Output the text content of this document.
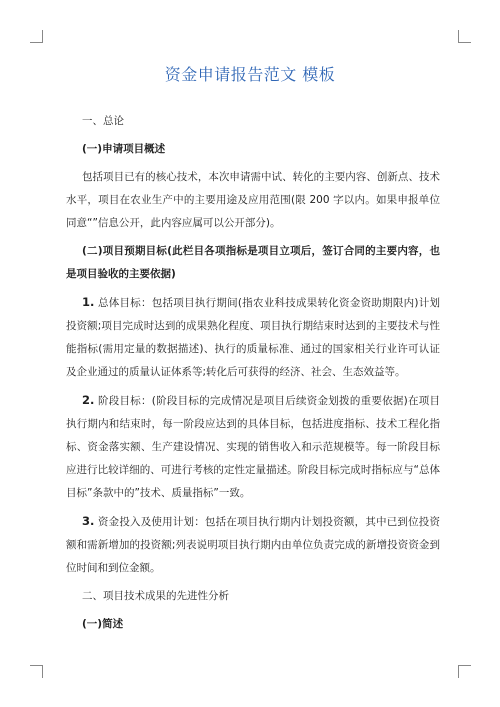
资金申请报告范文 模板

一、总论

(一)申请项目概述

包括项目已有的核心技术，本次申请需中试、转化的主要内容、创新点、技术水平，项目在农业生产中的主要用途及应用范围(限 200 字以内。如果申报单位同意“”信息公开，此内容应属可以公开部分)。

(二)项目预期目标(此栏目各项指标是项目立项后，签订合同的主要内容，也是项目验收的主要依据)

1. 总体目标：包括项目执行期间(指农业科技成果转化资金资助期限内)计划投资额;项目完成时达到的成果熟化程度、项目执行期结束时达到的主要技术与性能指标(需用定量的数据描述)、执行的质量标准、通过的国家相关行业许可认证及企业通过的质量认证体系等;转化后可获得的经济、社会、生态效益等。

2. 阶段目标：(阶段目标的完成情况是项目后续资金划拨的重要依据)在项目执行期内和结束时，每一阶段应达到的具体目标，包括进度指标、技术工程化指标、资金落实额、生产建设情况、实现的销售收入和示范规模等。每一阶段目标应进行比较详细的、可进行考核的定性定量描述。阶段目标完成时指标应与“总体目标”条款中的”技术、质量指标”一致。

3. 资金投入及使用计划：包括在项目执行期内计划投资额，其中已到位投资额和需新增加的投资额;列表说明项目执行期内由单位负责完成的新增投资资金到位时间和到位金额。

二、项目技术成果的先进性分析

(一)简述
